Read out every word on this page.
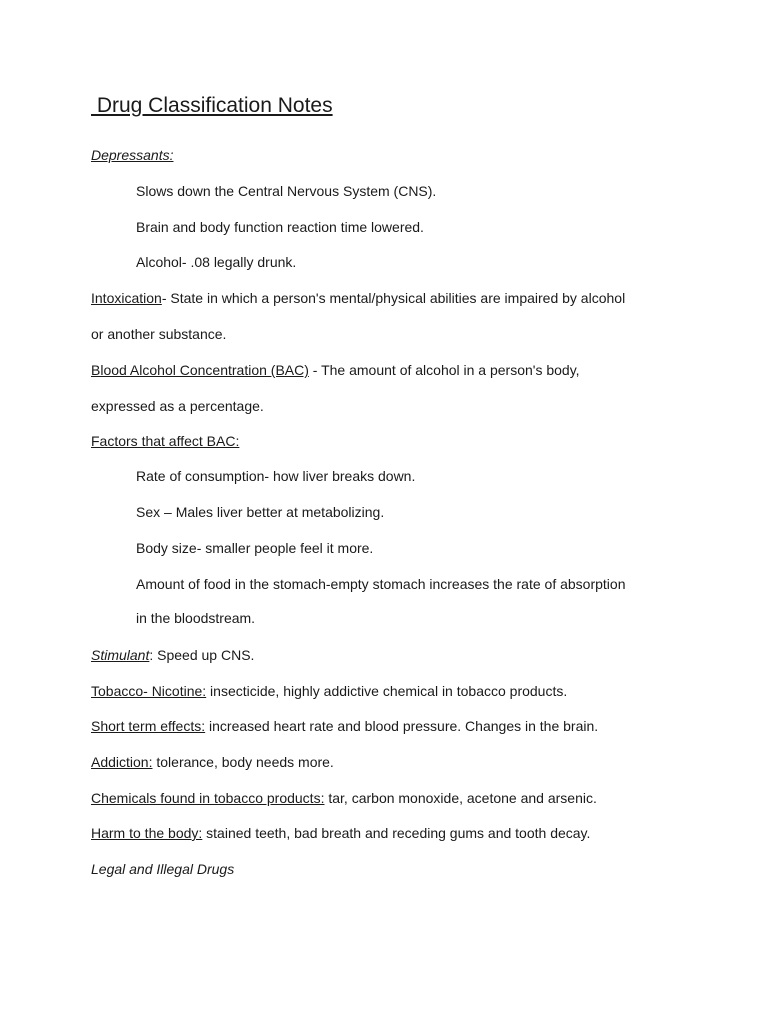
Drug Classification Notes
Depressants:
Slows down the Central Nervous System (CNS).
Brain and body function reaction time lowered.
Alcohol- .08 legally drunk.
Intoxication- State in which a person's mental/physical abilities are impaired by alcohol
or another substance.
Blood Alcohol Concentration (BAC) - The amount of alcohol in a person's body,
expressed as a percentage.
Factors that affect BAC:
Rate of consumption- how liver breaks down.
Sex – Males liver better at metabolizing.
Body size- smaller people feel it more.
Amount of food in the stomach-empty stomach increases the rate of absorption
in the bloodstream.
Stimulant: Speed up CNS.
Tobacco- Nicotine: insecticide, highly addictive chemical in tobacco products.
Short term effects: increased heart rate and blood pressure. Changes in the brain.
Addiction: tolerance, body needs more.
Chemicals found in tobacco products: tar, carbon monoxide, acetone and arsenic.
Harm to the body: stained teeth, bad breath and receding gums and tooth decay.
Legal and Illegal Drugs
